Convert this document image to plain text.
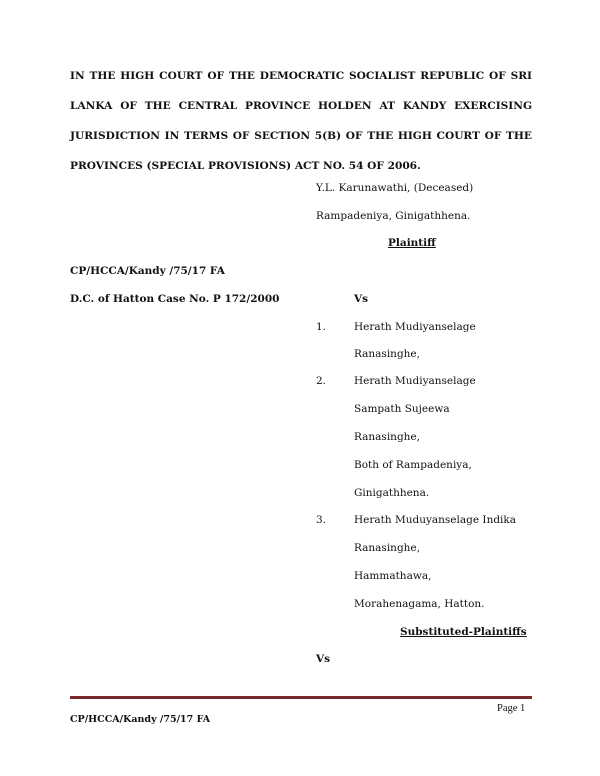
IN THE HIGH COURT OF THE DEMOCRATIC SOCIALIST REPUBLIC OF SRI
LANKA OF THE CENTRAL PROVINCE HOLDEN AT KANDY EXERCISING
JURISDICTION IN TERMS OF SECTION 5(B) OF THE HIGH COURT OF THE
PROVINCES (SPECIAL PROVISIONS) ACT NO. 54 OF 2006.
Y.L. Karunawathi, (Deceased)
Rampadeniya, Ginigathhena.
Plaintiff
CP/HCCA/Kandy /75/17 FA
D.C. of Hatton Case No. P 172/2000	Vs
1.	Herath Mudiyanselage
Ranasinghe,
2.	Herath Mudiyanselage
Sampath Sujeewa
Ranasinghe,
Both of Rampadeniya,
Ginigathhena.
3.	Herath Muduyanselage Indika
Ranasinghe,
Hammathawa,
Morahenagama, Hatton.
Substituted-Plaintiffs
Vs
Page 1
CP/HCCA/Kandy /75/17 FA
